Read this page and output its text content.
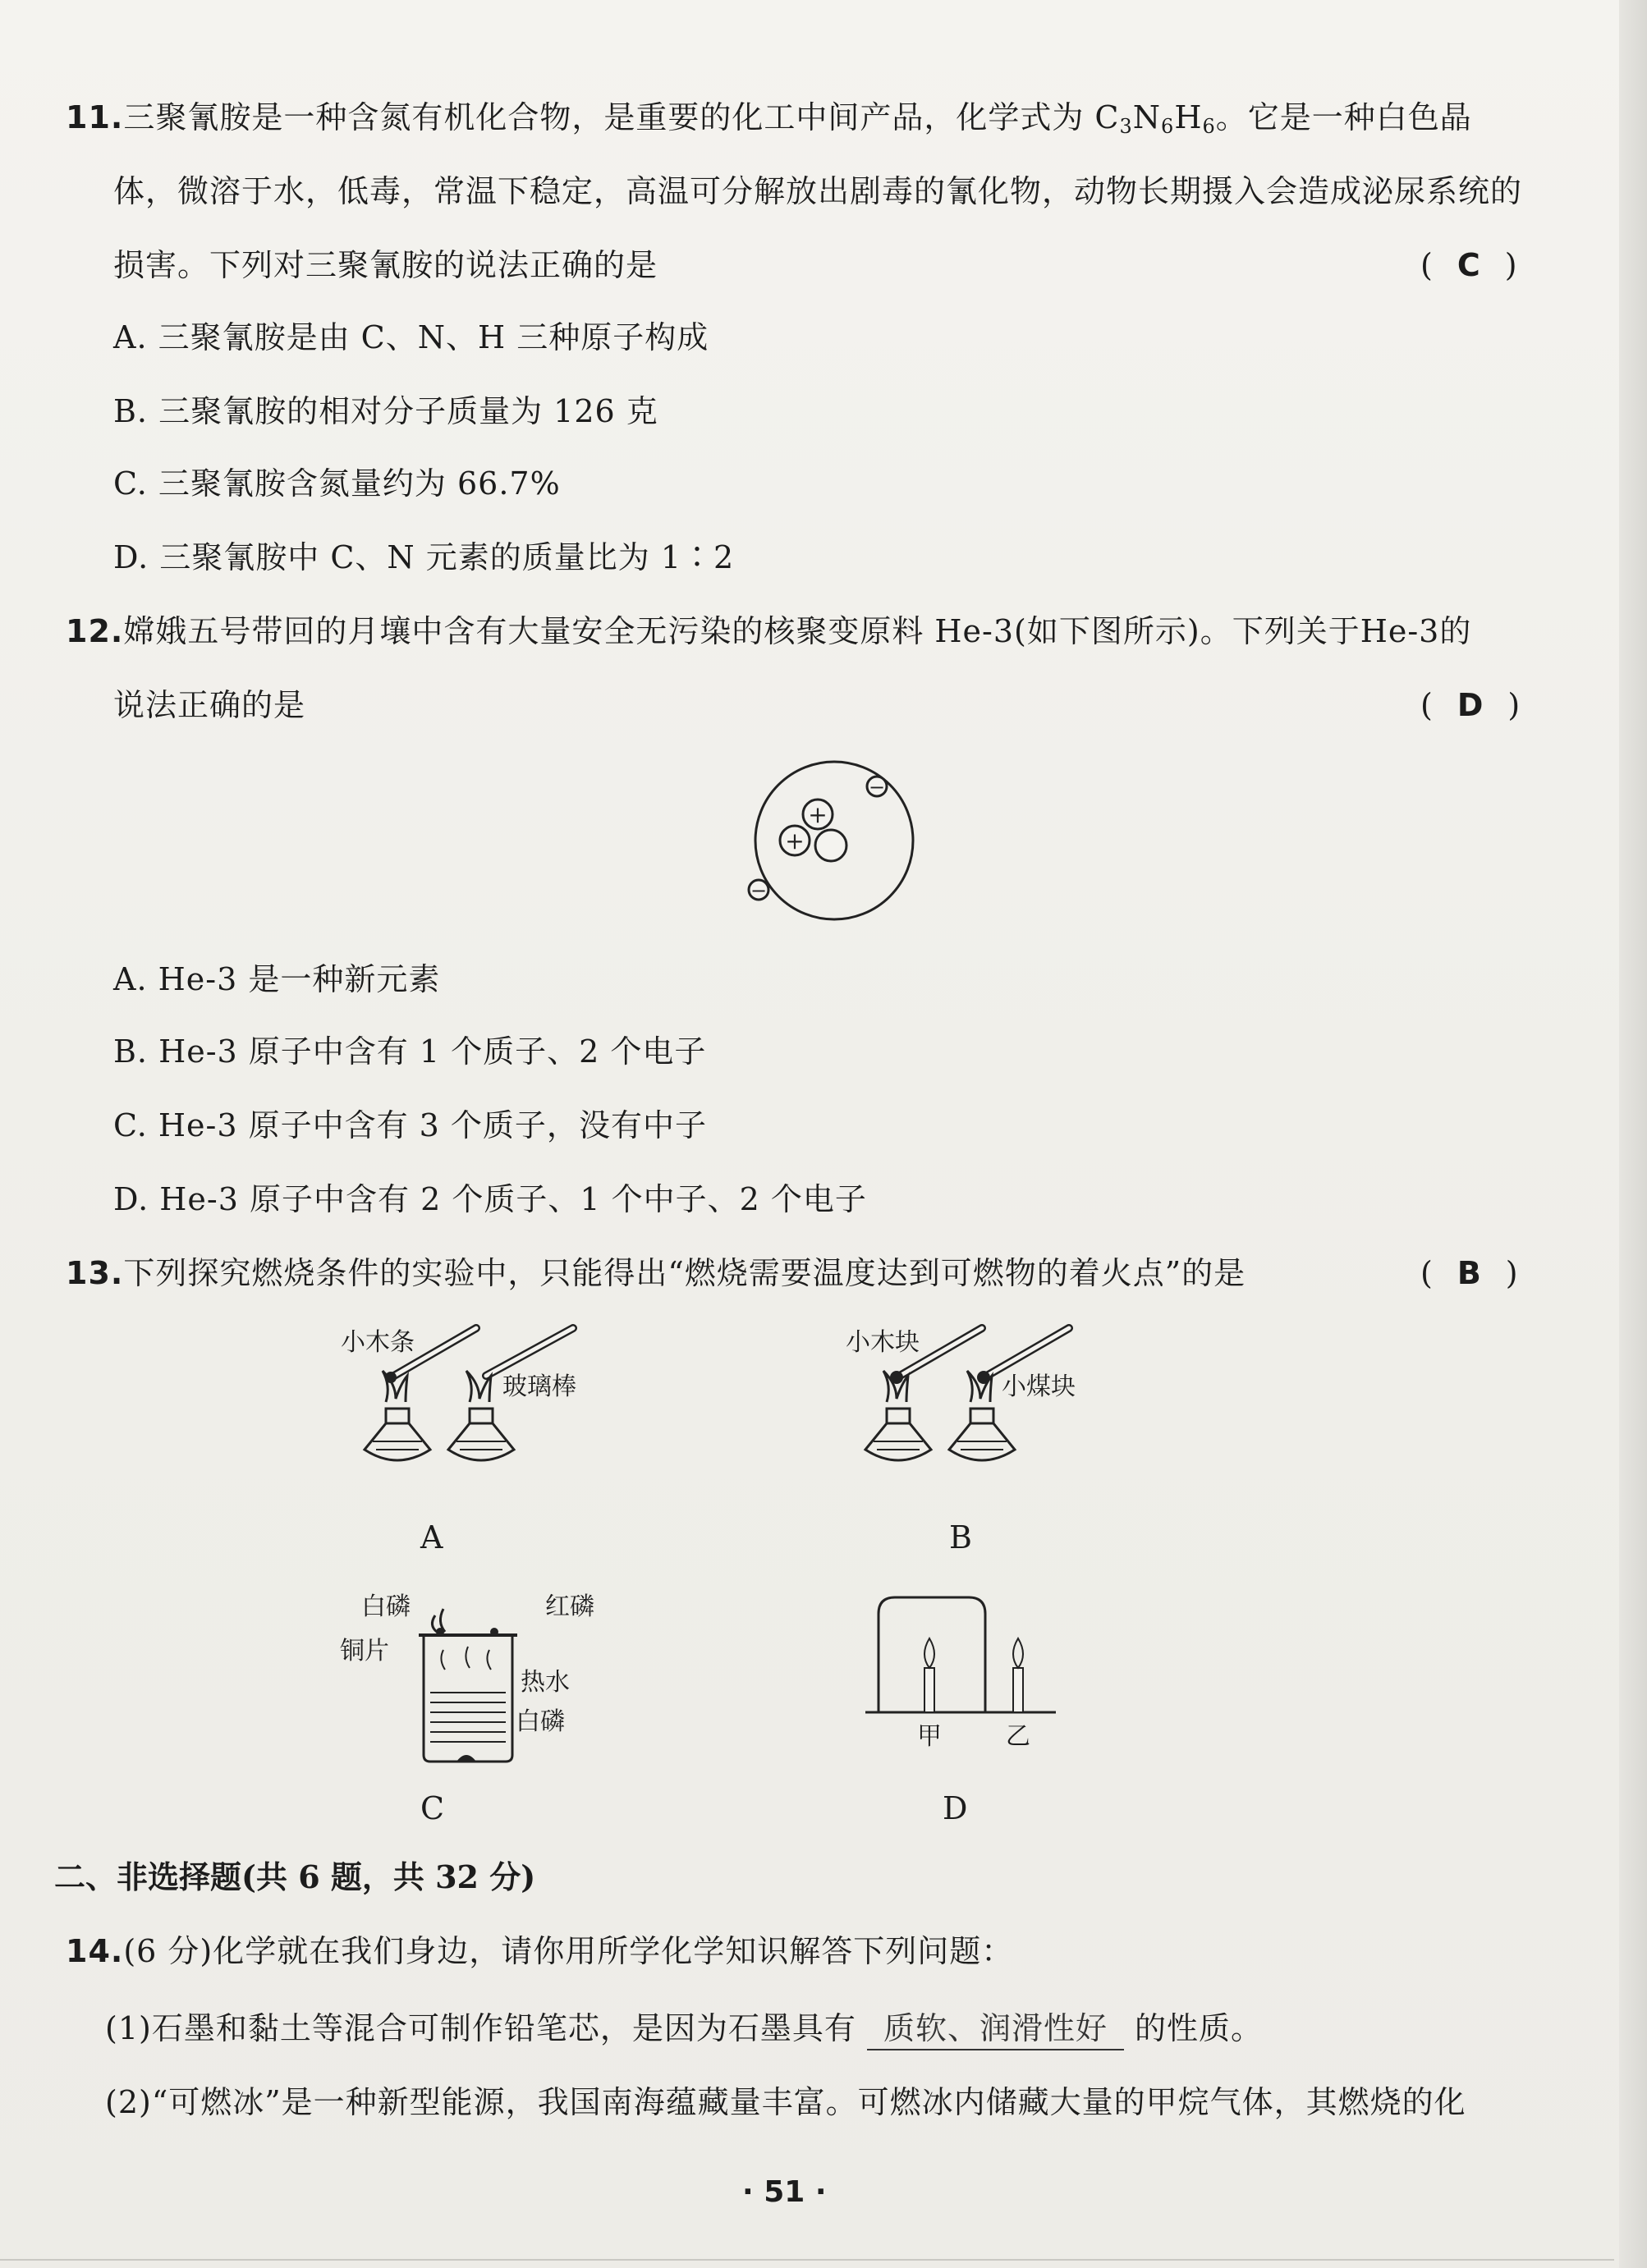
11.三聚氰胺是一种含氮有机化合物，是重要的化工中间产品，化学式为 $C_3N_6H_6$。它是一种白色晶
体，微溶于水，低毒，常温下稳定，高温可分解放出剧毒的氰化物，动物长期摄入会造成泌尿系统的
损害。下列对三聚氰胺的说法正确的是	( C )
A. 三聚氰胺是由 C、N、H 三种原子构成
B. 三聚氰胺的相对分子质量为 126 克
C. 三聚氰胺含氮量约为 66.7%
D. 三聚氰胺中 C、N 元素的质量比为 1∶2
12.嫦娥五号带回的月壤中含有大量安全无污染的核聚变原料 He-3(如下图所示)。下列关于He-3的
说法正确的是	( D )
+
+
−
−
A. He-3 是一种新元素
B. He-3 原子中含有 1 个质子、2 个电子
C. He-3 原子中含有 3 个质子，没有中子
D. He-3 原子中含有 2 个质子、1 个中子、2 个电子
13.下列探究燃烧条件的实验中，只能得出“燃烧需要温度达到可燃物的着火点”的是	( B )
小木条
玻璃棒
A
小木块
小煤块
B
白磷	红磷
铜片
热水
白磷
C
甲	乙
D
二、非选择题(共 6 题，共 32 分)
14.(6 分)化学就在我们身边，请你用所学化学知识解答下列问题：
(1)石墨和黏土等混合可制作铅笔芯，是因为石墨具有 质软、润滑性好 的性质。
(2)“可燃冰”是一种新型能源，我国南海蕴藏量丰富。可燃冰内储藏大量的甲烷气体，其燃烧的化
· 51 ·
